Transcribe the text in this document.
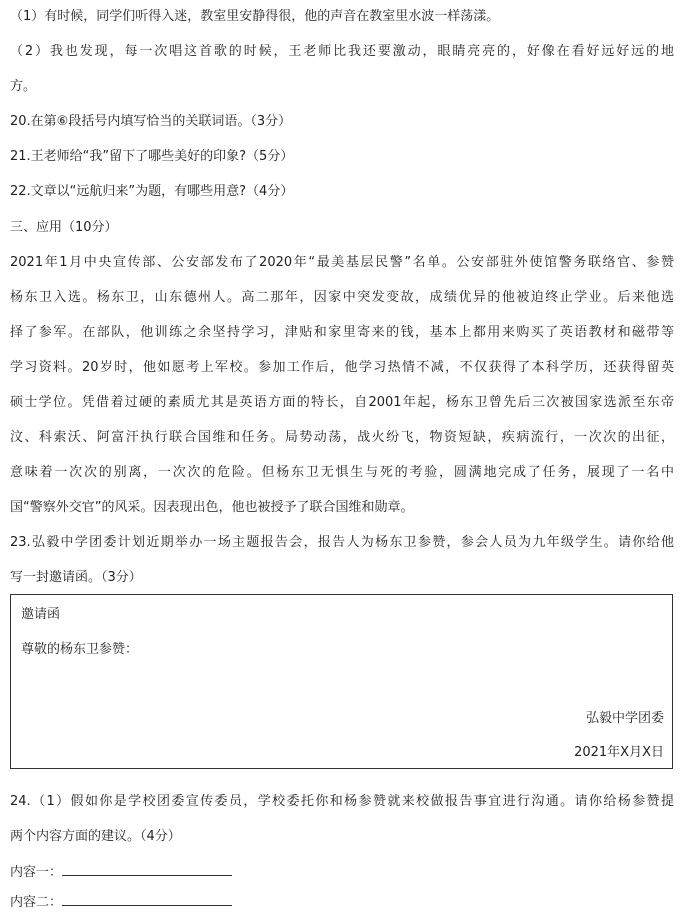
（1）有时候，同学们听得入迷，教室里安静得很，他的声音在教室里水波一样荡漾。
（2）我也发现，每一次唱这首歌的时候，王老师比我还要激动，眼睛亮亮的，好像在看好远好远的地
方。
20.在第⑥段括号内填写恰当的关联词语。（3分）
21.王老师给“我”留下了哪些美好的印象?（5分）
22.文章以“远航归来”为题，有哪些用意?（4分）
三、应用（10分）
2021年1月中央宣传部、公安部发布了2020年“最美基层民警”名单。公安部驻外使馆警务联络官、参赞
杨东卫入选。杨东卫，山东德州人。高二那年，因家中突发变故，成绩优异的他被迫终止学业。后来他选
择了参军。在部队，他训练之余坚持学习，津贴和家里寄来的钱，基本上都用来购买了英语教材和磁带等
学习资料。20岁时，他如愿考上军校。参加工作后，他学习热情不减，不仅获得了本科学历，还获得留英
硕士学位。凭借着过硬的素质尤其是英语方面的特长，自2001年起，杨东卫曾先后三次被国家选派至东帝
汶、科索沃、阿富汗执行联合国维和任务。局势动荡，战火纷飞，物资短缺，疾病流行，一次次的出征，
意味着一次次的别离，一次次的危险。但杨东卫无惧生与死的考验，圆满地完成了任务，展现了一名中
国“警察外交官”的风采。因表现出色，他也被授予了联合国维和勋章。
23.弘毅中学团委计划近期举办一场主题报告会，报告人为杨东卫参赞，参会人员为九年级学生。请你给他
写一封邀请函。（3分）
邀请函
尊敬的杨东卫参赞：
弘毅中学团委
2021年X月X日
24.（1）假如你是学校团委宣传委员，学校委托你和杨参赞就来校做报告事宜进行沟通。请你给杨参赞提
两个内容方面的建议。（4分）
内容一：
内容二：
